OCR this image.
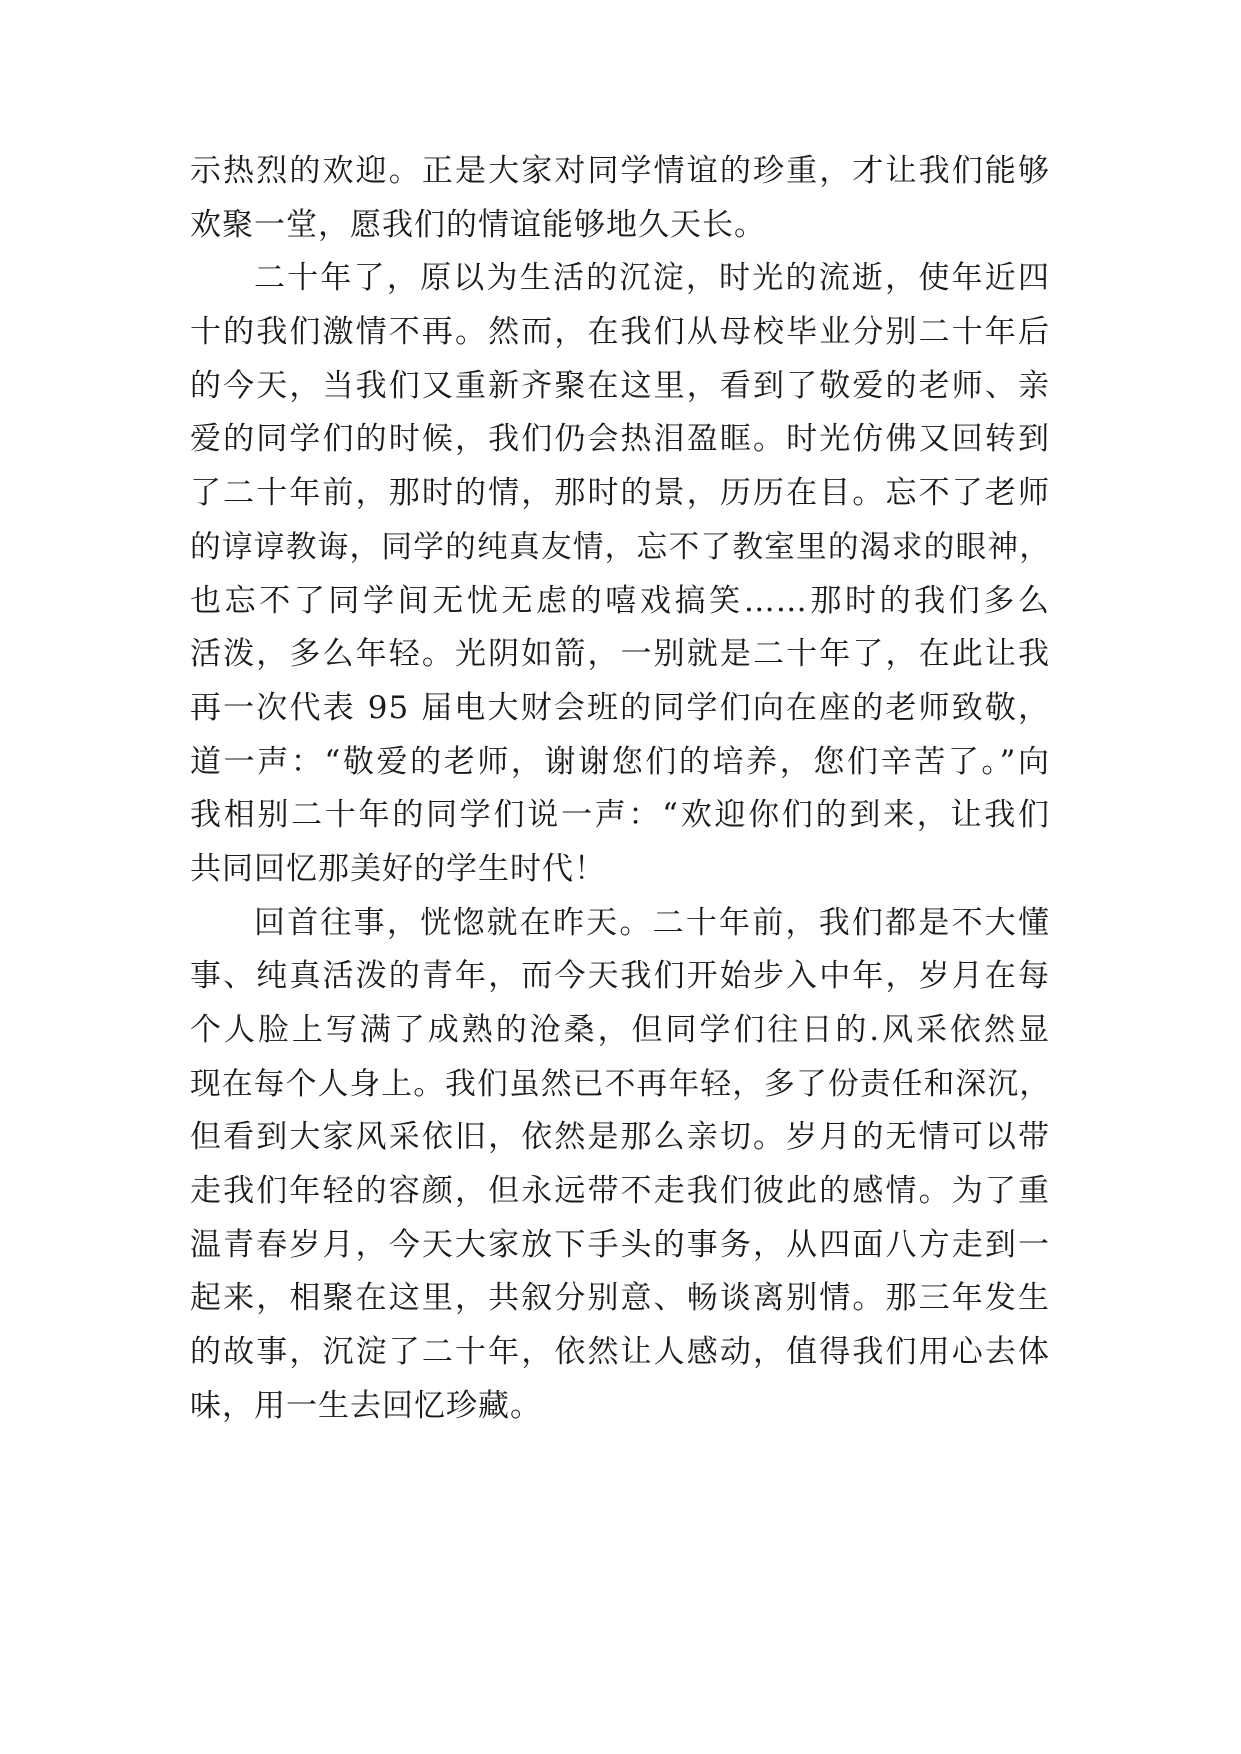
示热烈的欢迎。正是大家对同学情谊的珍重，才让我们能够
欢聚一堂，愿我们的情谊能够地久天长。
二十年了，原以为生活的沉淀，时光的流逝，使年近四
十的我们激情不再。然而，在我们从母校毕业分别二十年后
的今天，当我们又重新齐聚在这里，看到了敬爱的老师、亲
爱的同学们的时候，我们仍会热泪盈眶。时光仿佛又回转到
了二十年前，那时的情，那时的景，历历在目。忘不了老师
的谆谆教诲，同学的纯真友情，忘不了教室里的渴求的眼神，
也忘不了同学间无忧无虑的嘻戏搞笑……那时的我们多么
活泼，多么年轻。光阴如箭，一别就是二十年了，在此让我
再一次代表 95 届电大财会班的同学们向在座的老师致敬，
道一声：“敬爱的老师，谢谢您们的培养，您们辛苦了。”向
我相别二十年的同学们说一声：“欢迎你们的到来，让我们
共同回忆那美好的学生时代！
回首往事，恍惚就在昨天。二十年前，我们都是不大懂
事、纯真活泼的青年，而今天我们开始步入中年，岁月在每
个人脸上写满了成熟的沧桑，但同学们往日的.风采依然显
现在每个人身上。我们虽然已不再年轻，多了份责任和深沉，
但看到大家风采依旧，依然是那么亲切。岁月的无情可以带
走我们年轻的容颜，但永远带不走我们彼此的感情。为了重
温青春岁月，今天大家放下手头的事务，从四面八方走到一
起来，相聚在这里，共叙分别意、畅谈离别情。那三年发生
的故事，沉淀了二十年，依然让人感动，值得我们用心去体
味，用一生去回忆珍藏。
